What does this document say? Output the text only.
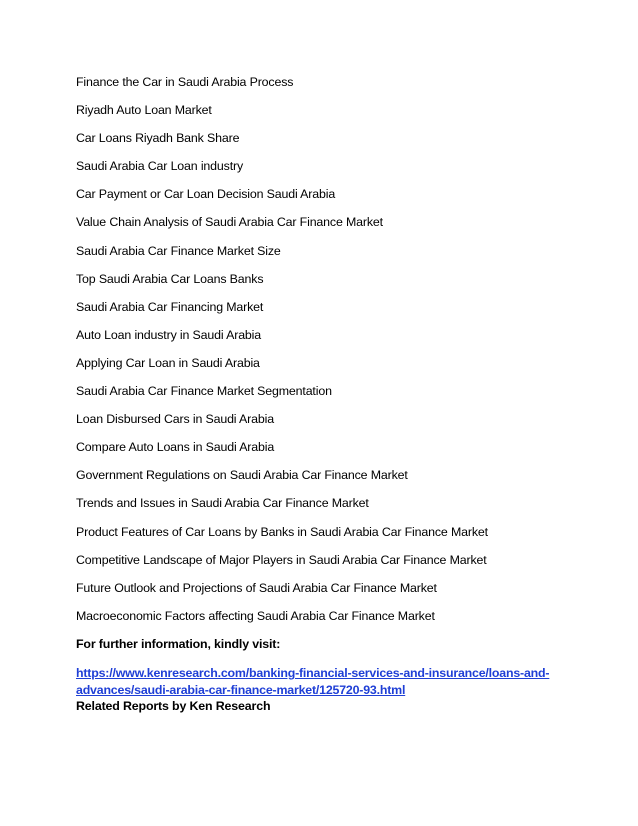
Finance the Car in Saudi Arabia Process
Riyadh Auto Loan Market
Car Loans Riyadh Bank Share
Saudi Arabia Car Loan industry
Car Payment or Car Loan Decision Saudi Arabia
Value Chain Analysis of Saudi Arabia Car Finance Market
Saudi Arabia Car Finance Market Size
Top Saudi Arabia Car Loans Banks
Saudi Arabia Car Financing Market
Auto Loan industry in Saudi Arabia
Applying Car Loan in Saudi Arabia
Saudi Arabia Car Finance Market Segmentation
Loan Disbursed Cars in Saudi Arabia
Compare Auto Loans in Saudi Arabia
Government Regulations on Saudi Arabia Car Finance Market
Trends and Issues in Saudi Arabia Car Finance Market
Product Features of Car Loans by Banks in Saudi Arabia Car Finance Market
Competitive Landscape of Major Players in Saudi Arabia Car Finance Market
Future Outlook and Projections of Saudi Arabia Car Finance Market
Macroeconomic Factors affecting Saudi Arabia Car Finance Market
For further information, kindly visit:
https://www.kenresearch.com/banking-financial-services-and-insurance/loans-and-
advances/saudi-arabia-car-finance-market/125720-93.html
Related Reports by Ken Research
